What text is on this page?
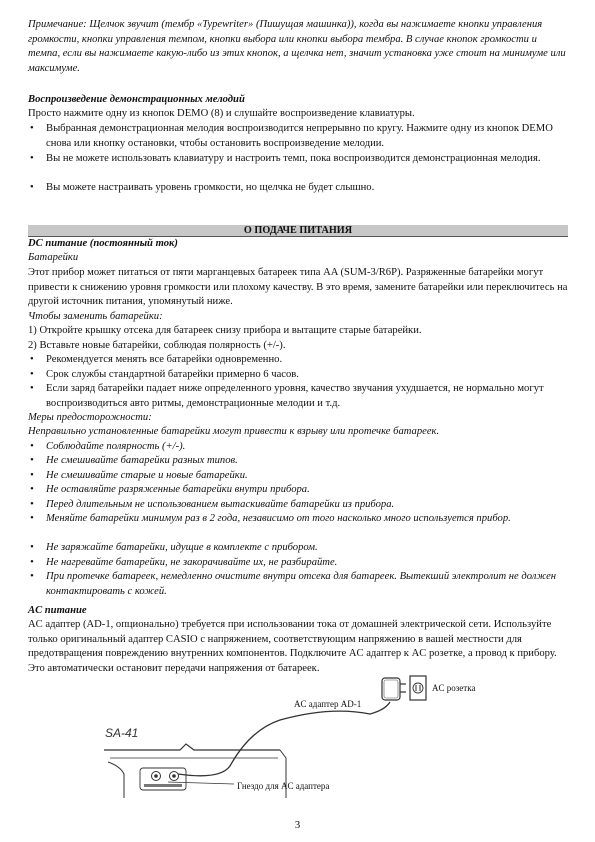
Примечание: Щелчок звучит (тембр «Typewriter» (Пишущая машинка)), когда вы нажимаете кнопки управления громкости, кнопки управления темпом, кнопки выбора или кнопки выбора тембра. В случае кнопок громкости и темпа, если вы нажимаете какую-либо из этих кнопок, а щелчка нет, значит установка уже стоит на минимуме или максимуме.

Воспроизведение демонстрационных мелодий
Просто нажмите одну из кнопок DEMO (8) и слушайте воспроизведение клавиатуры.
• Выбранная демонстрационная мелодия воспроизводится непрерывно по кругу. Нажмите одну из кнопок DEMO снова или кнопку остановки, чтобы остановить воспроизведение мелодии.
• Вы не можете использовать клавиатуру и настроить темп, пока воспроизводится демонстрационная мелодия.
• Вы можете настраивать уровень громкости, но щелчка не будет слышно.
О ПОДАЧЕ ПИТАНИЯ
DC питание (постоянный ток)
Батарейки

Этот прибор может питаться от пяти марганцевых батареек типа AA (SUM-3/R6P). Разряженные батарейки могут привести к снижению уровня громкости или плохому качеству. В это время, замените батарейки или переключитесь на другой источник питания, упомянутый ниже.

Чтобы заменить батарейки:
1) Откройте крышку отсека для батареек снизу прибора и вытащите старые батарейки.
2) Вставьте новые батарейки, соблюдая полярность (+/-).
• Рекомендуется менять все батарейки одновременно.
• Срок службы стандартной батарейки примерно 6 часов.
• Если заряд батарейки падает ниже определенного уровня, качество звучания ухудшается, не нормально могут воспроизводиться авто ритмы, демонстрационные мелодии и т.д.
Меры предосторожности:
Неправильно установленные батарейки могут привести к взрыву или протечке батареек.
• Соблюдайте полярность (+/-).
• Не смешивайте батарейки разных типов.
• Не смешивайте старые и новые батарейки.
• Не оставляйте разряженные батарейки внутри прибора.
• Перед длительным не использованием вытаскивайте батарейки из прибора.
• Меняйте батарейки минимум раз в 2 года, независимо от того насколько много используется прибор.
• Не заряжайте батарейки, идущие в комплекте с прибором.
• Не нагревайте батарейки, не закорачивайте их, не разбирайте.
• При протечке батареек, немедленно очистите внутри отсека для батареек. Вытекший электролит не должен контактировать с кожей.
AC питание

AC адаптер (AD-1, опционально) требуется при использовании тока от домашней электрической сети. Используйте только оригинальный адаптер CASIO с напряжением, соответствующим напряжению в вашей местности для предотвращения повреждению внутренних компонентов. Подключите AC адаптер к AC розетке, а провод к прибору. Это автоматически остановит передачи напряжения от батареек.

SA-41
AC розетка
AC адаптер AD-1
Гнездо для AC адаптера
3
